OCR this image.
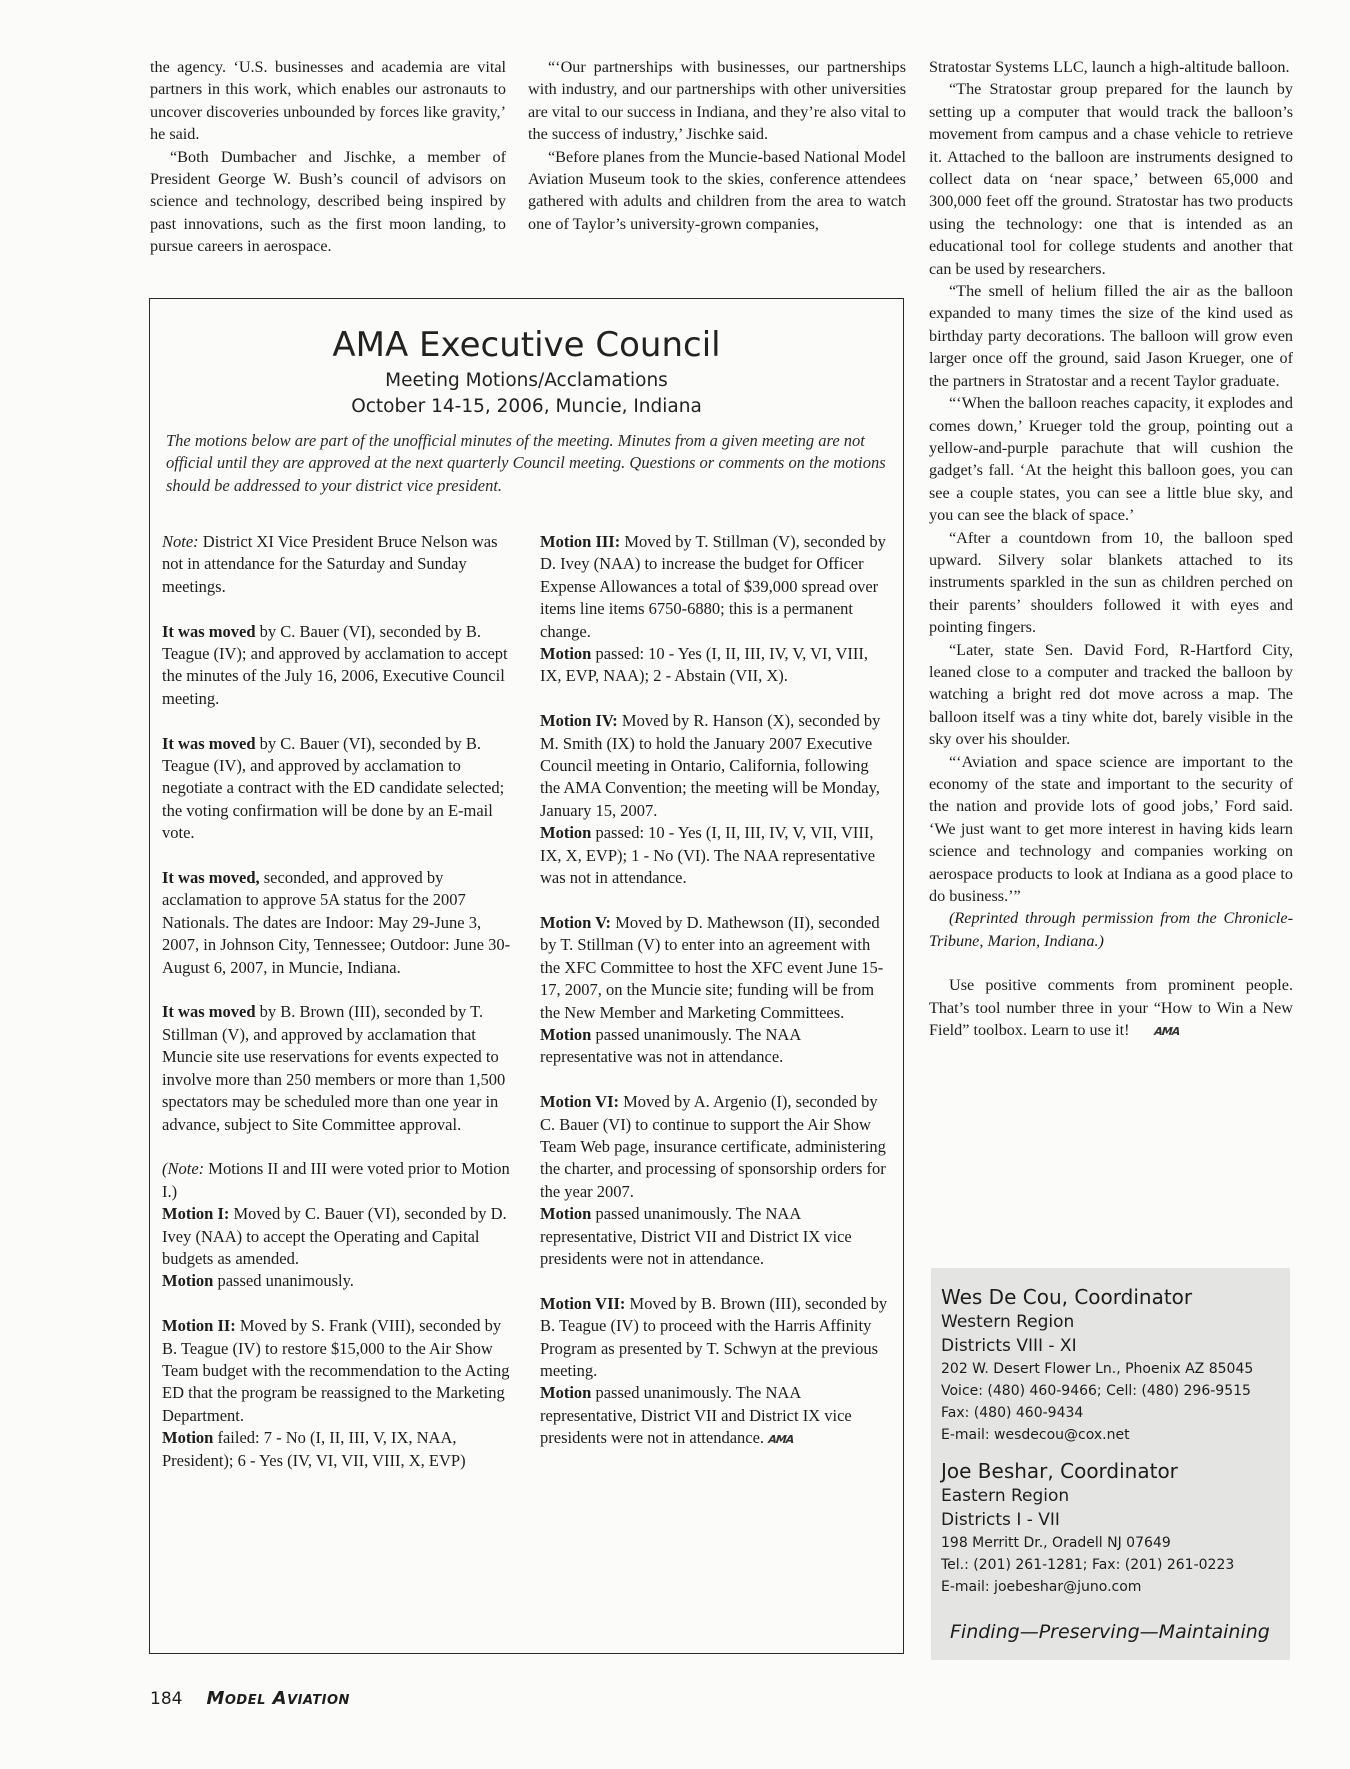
the agency. ‘U.S. businesses and academia are vital partners in this work, which enables our astronauts to uncover discoveries unbounded by forces like gravity,’ he said.

“Both Dumbacher and Jischke, a member of President George W. Bush’s council of advisors on science and technology, described being inspired by past innovations, such as the first moon landing, to pursue careers in aerospace.

“‘Our partnerships with businesses, our partnerships with industry, and our partnerships with other universities are vital to our success in Indiana, and they’re also vital to the success of industry,’ Jischke said.

“Before planes from the Muncie-based National Model Aviation Museum took to the skies, conference attendees gathered with adults and children from the area to watch one of Taylor’s university-grown companies,

Stratostar Systems LLC, launch a high-altitude balloon.

“The Stratostar group prepared for the launch by setting up a computer that would track the balloon’s movement from campus and a chase vehicle to retrieve it. Attached to the balloon are instruments designed to collect data on ‘near space,’ between 65,000 and 300,000 feet off the ground. Stratostar has two products using the technology: one that is intended as an educational tool for college students and another that can be used by researchers.

“The smell of helium filled the air as the balloon expanded to many times the size of the kind used as birthday party decorations. The balloon will grow even larger once off the ground, said Jason Krueger, one of the partners in Stratostar and a recent Taylor graduate.

“‘When the balloon reaches capacity, it explodes and comes down,’ Krueger told the group, pointing out a yellow-and-purple parachute that will cushion the gadget’s fall. ‘At the height this balloon goes, you can see a couple states, you can see a little blue sky, and you can see the black of space.’

“After a countdown from 10, the balloon sped upward. Silvery solar blankets attached to its instruments sparkled in the sun as children perched on their parents’ shoulders followed it with eyes and pointing fingers.

“Later, state Sen. David Ford, R-Hartford City, leaned close to a computer and tracked the balloon by watching a bright red dot move across a map. The balloon itself was a tiny white dot, barely visible in the sky over his shoulder.

“‘Aviation and space science are important to the economy of the state and important to the security of the nation and provide lots of good jobs,’ Ford said. ‘We just want to get more interest in having kids learn science and technology and companies working on aerospace products to look at Indiana as a good place to do business.’”

(Reprinted through permission from the Chronicle-Tribune, Marion, Indiana.)

Use positive comments from prominent people. That’s tool number three in your “How to Win a New Field” toolbox. Learn to use it! AMA

AMA Executive Council
Meeting Motions/Acclamations
October 14-15, 2006, Muncie, Indiana
The motions below are part of the unofficial minutes of the meeting. Minutes from a given meeting are not official until they are approved at the next quarterly Council meeting. Questions or comments on the motions should be addressed to your district vice president.

Note: District XI Vice President Bruce Nelson was not in attendance for the Saturday and Sunday meetings.

It was moved by C. Bauer (VI), seconded by B. Teague (IV); and approved by acclamation to accept the minutes of the July 16, 2006, Executive Council meeting.

It was moved by C. Bauer (VI), seconded by B. Teague (IV), and approved by acclamation to negotiate a contract with the ED candidate selected; the voting confirmation will be done by an E-mail vote.

It was moved, seconded, and approved by acclamation to approve 5A status for the 2007 Nationals. The dates are Indoor: May 29-June 3, 2007, in Johnson City, Tennessee; Outdoor: June 30-August 6, 2007, in Muncie, Indiana.

It was moved by B. Brown (III), seconded by T. Stillman (V), and approved by acclamation that Muncie site use reservations for events expected to involve more than 250 members or more than 1,500 spectators may be scheduled more than one year in advance, subject to Site Committee approval.

(Note: Motions II and III were voted prior to Motion I.)

Motion I: Moved by C. Bauer (VI), seconded by D. Ivey (NAA) to accept the Operating and Capital budgets as amended.

Motion passed unanimously.

Motion II: Moved by S. Frank (VIII), seconded by B. Teague (IV) to restore $15,000 to the Air Show Team budget with the recommendation to the Acting ED that the program be reassigned to the Marketing Department.

Motion failed: 7 - No (I, II, III, V, IX, NAA, President); 6 - Yes (IV, VI, VII, VIII, X, EVP)

Motion III: Moved by T. Stillman (V), seconded by D. Ivey (NAA) to increase the budget for Officer Expense Allowances a total of $39,000 spread over items line items 6750-6880; this is a permanent change.

Motion passed: 10 - Yes (I, II, III, IV, V, VI, VIII, IX, EVP, NAA); 2 - Abstain (VII, X).

Motion IV: Moved by R. Hanson (X), seconded by M. Smith (IX) to hold the January 2007 Executive Council meeting in Ontario, California, following the AMA Convention; the meeting will be Monday, January 15, 2007.

Motion passed: 10 - Yes (I, II, III, IV, V, VII, VIII, IX, X, EVP); 1 - No (VI). The NAA representative was not in attendance.

Motion V: Moved by D. Mathewson (II), seconded by T. Stillman (V) to enter into an agreement with the XFC Committee to host the XFC event June 15-17, 2007, on the Muncie site; funding will be from the New Member and Marketing Committees.

Motion passed unanimously. The NAA representative was not in attendance.

Motion VI: Moved by A. Argenio (I), seconded by C. Bauer (VI) to continue to support the Air Show Team Web page, insurance certificate, administering the charter, and processing of sponsorship orders for the year 2007.

Motion passed unanimously. The NAA representative, District VII and District IX vice presidents were not in attendance.

Motion VII: Moved by B. Brown (III), seconded by B. Teague (IV) to proceed with the Harris Affinity Program as presented by T. Schwyn at the previous meeting.

Motion passed unanimously. The NAA representative, District VII and District IX vice presidents were not in attendance. AMA

Wes De Cou, Coordinator
Western Region
Districts VIII - XI
202 W. Desert Flower Ln., Phoenix AZ 85045
Voice: (480) 460-9466; Cell: (480) 296-9515
Fax: (480) 460-9434
E-mail: wesdecou@cox.net
Joe Beshar, Coordinator
Eastern Region
Districts I - VII
198 Merritt Dr., Oradell NJ 07649
Tel.: (201) 261-1281; Fax: (201) 261-0223
E-mail: joebeshar@juno.com
Finding—Preserving—Maintaining
184 Model Aviation
